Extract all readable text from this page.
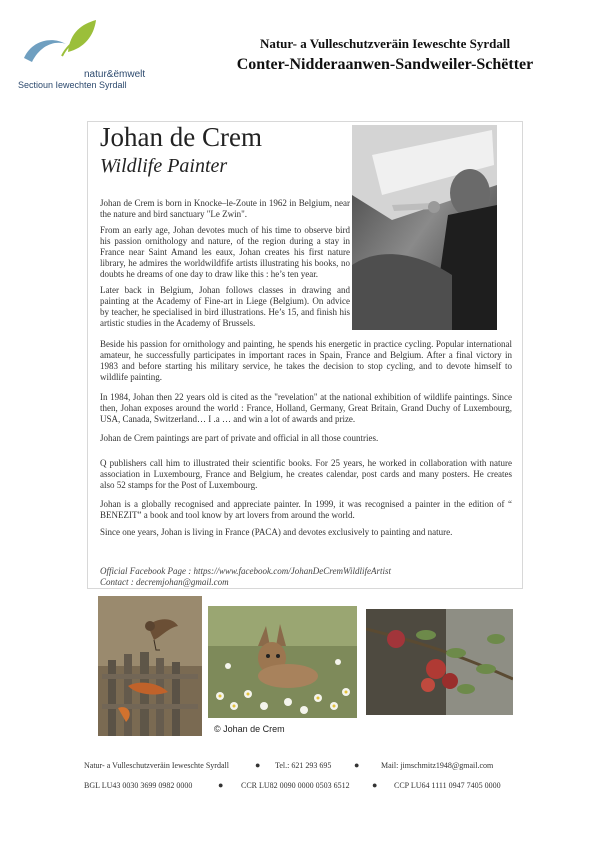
natur&ëmwelt
Sectioun Iewechten Syrdall
Natur- a Vulleschutzveräin Ieweschte Syrdall
Conter-Nidderaanwen-Sandweiler-Schëtter
Johan de Crem
Wildlife Painter

Johan de Crem is born in Knocke–le-Zoute in 1962 in Belgium, near the nature and bird sanctuary "Le Zwin".

From an early age, Johan devotes much of his time to observe bird his passion ornithology and nature, of the region during a stay in France near Saint Amand les eaux, Johan creates his first nature library, he admires the worldwildfife artists illustrating his books, no doubts he dreams of one day to draw like this : he’s ten year.

Later back in Belgium, Johan follows classes in drawing and painting at the Academy of Fine-art in Liege (Belgium). On advice by teacher, he specialised in bird illustrations. He’s 15, and finish his artistic studies in the Academy of Brussels.

Beside his passion for ornithology and painting, he spends his energetic in practice cycling. Popular international amateur, he successfully participates in important races in Spain, France and Belgium. After a final victory in 1983 and before starting his military service, he takes the decision to stop cycling, and to devote himself to wildlife painting.

In 1984, Johan then 22 years old is cited as the "revelation" at the national exhibition of wildlife paintings. Since then, Johan exposes around the world : France, Holland, Germany, Great Britain, Grand Duchy of Luxembourg, USA, Canada, Switzerland… I .a … and win a lot of awards and prize.

Johan de Crem paintings are part of private and official in all those countries.

Q publishers call him to illustrated their scientific books. For 25 years, he worked in collaboration with nature association in Luxembourg, France and Belgium, he creates calendar, post cards and many posters. He creates also 52 stamps for the Post of Luxembourg.

Johan is a globally recognised and appreciate painter. In 1999, it was recognised a painter in the edition of “ BENEZIT” a book and tool know by art lovers from around the world.

Since one years, Johan is living in France (PACA) and devotes exclusively to painting and nature.

Official Facebook Page : https://www.facebook.com/JohanDeCremWildlifeArtist
Contact : decremjohan@gmail.com
© Johan de Crem
Natur- a Vulleschutzveräin Ieweschte Syrdall	● Tel.: 621 293 695	●	Mail: jimschmitz1948@gmail.com
BGL LU43 0030 3699 0982 0000	● CCR LU82 0090 0000 0503 6512 ● CCP LU64 1111 0947 7405 0000
